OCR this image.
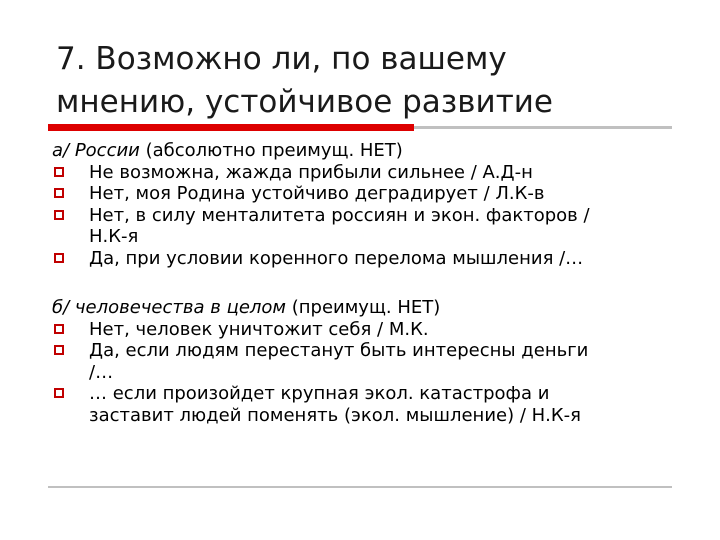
7. Возможно ли, по вашему
мнению, устойчивое развитие
а/ России (абсолютно преимущ. НЕТ)
Не возможна, жажда прибыли сильнее / А.Д-н
Нет, моя Родина устойчиво деградирует / Л.К-в
Нет, в силу менталитета россиян и экон. факторов /
Н.К-я
Да, при условии коренного перелома мышления /…
б/ человечества в целом (преимущ. НЕТ)
Нет, человек уничтожит себя / М.К.
Да, если людям перестанут быть интересны деньги
/…
… если произойдет крупная экол. катастрофа и
заставит людей поменять (экол. мышление) / Н.К-я
